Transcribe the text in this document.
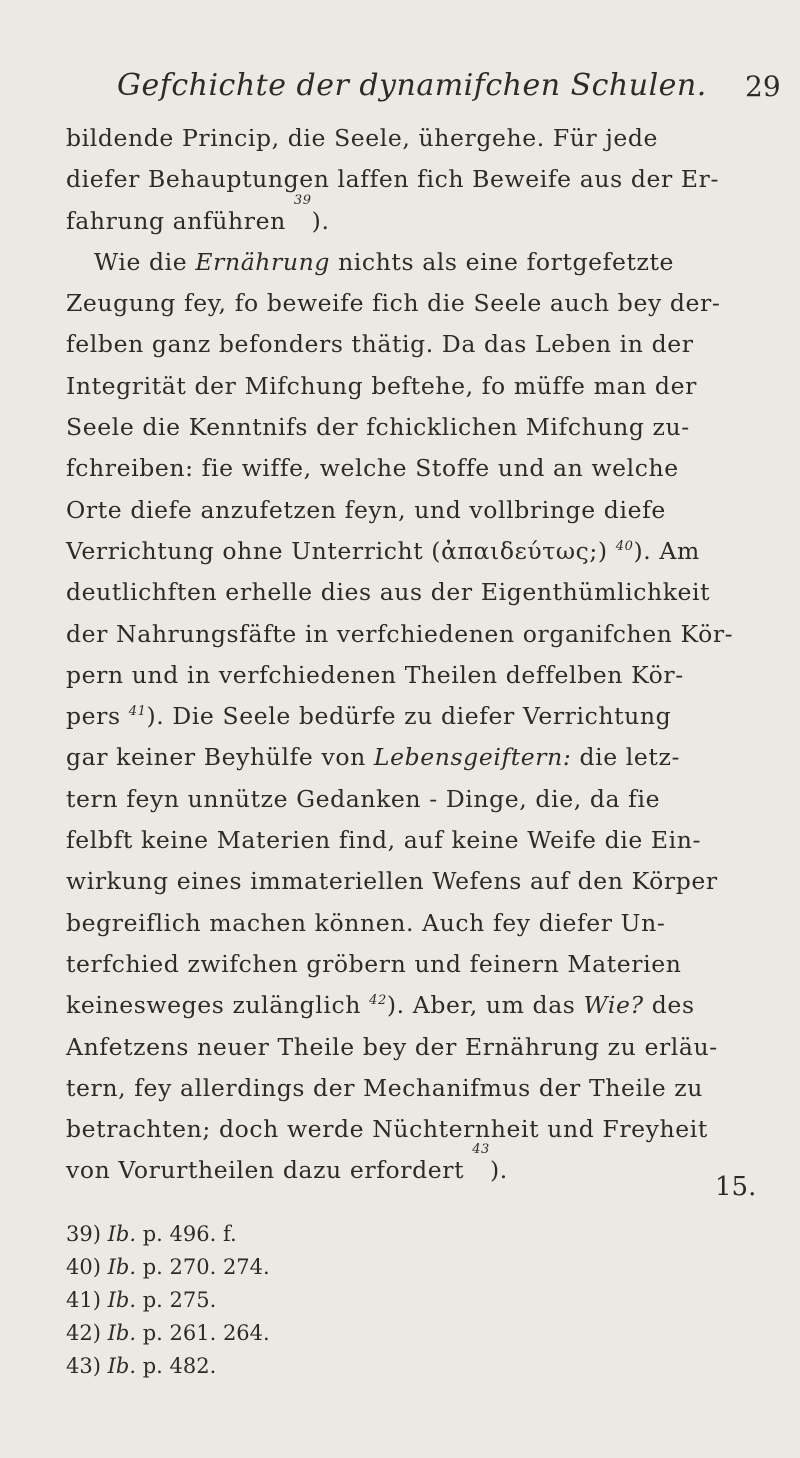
Gefchichte der dynamifchen Schulen. 29
bildende Princip, die Seele, ühergehe. Für jede
diefer Behauptungen laffen fich Beweife aus der Er-
fahrung anführen
39
).
Wie die Ernährung nichts als eine fortgefetzte
Zeugung fey, fo beweife fich die Seele auch bey der-
felben ganz befonders thätig. Da das Leben in der
Integrität der Mifchung beftehe, fo müffe man der
Seele die Kenntnifs der fchicklichen Mifchung zu-
fchreiben: fie wiffe, welche Stoffe und an welche
Orte diefe anzufetzen feyn, und vollbringe diefe
Verrichtung ohne Unterricht (ἀπαιδεύτως;) $^{40}$). Am
deutlichften erhelle dies aus der Eigenthümlichkeit
der Nahrungsfäfte in verfchiedenen organifchen Kör-
pern und in verfchiedenen Theilen deffelben Kör-
pers $^{41}$). Die Seele bedürfe zu diefer Verrichtung
gar keiner Beyhülfe von Lebensgeiftern: die letz-
tern feyn unnütze Gedanken - Dinge, die, da fie
felbft keine Materien find, auf keine Weife die Ein-
wirkung eines immateriellen Wefens auf den Körper
begreiflich machen können. Auch fey diefer Un-
terfchied zwifchen gröbern und feinern Materien
keinesweges zulänglich $^{42}$). Aber, um das Wie? des
Anfetzens neuer Theile bey der Ernährung zu erläu-
tern, fey allerdings der Mechanifmus der Theile zu
betrachten; doch werde Nüchternheit und Freyheit
von Vorurtheilen dazu erfordert
43
).
15.
39) Ib. p. 496. f.
40) Ib. p. 270. 274.
41) Ib. p. 275.
42) Ib. p. 261. 264.
43) Ib. p. 482.
